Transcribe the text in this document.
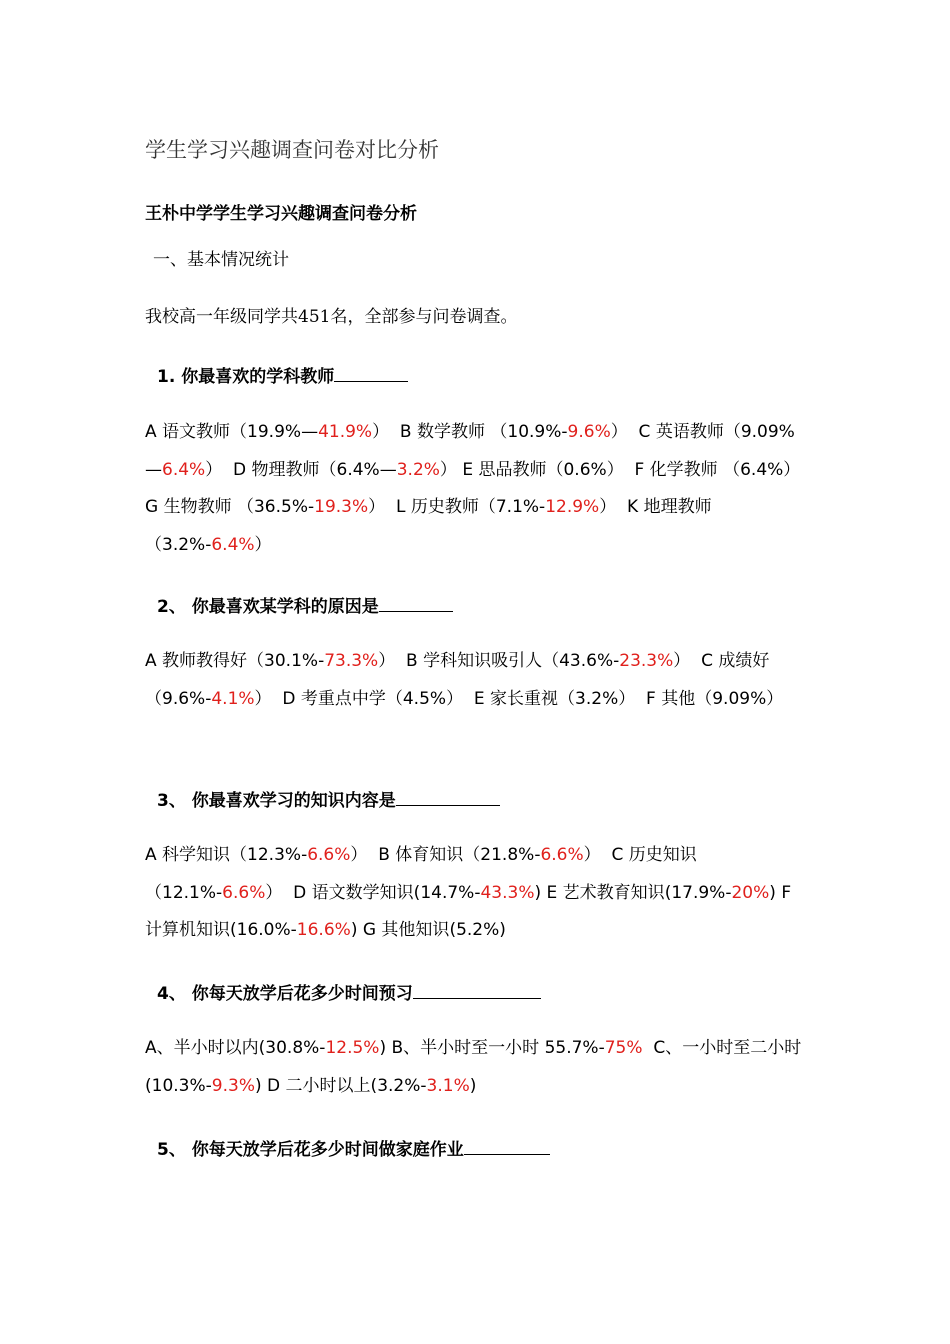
学生学习兴趣调查问卷对比分析
王朴中学学生学习兴趣调查问卷分析
一、基本情况统计
我校高一年级同学共451名，全部参与问卷调查。
1. 你最喜欢的学科教师
A 语文教师（19.9%—41.9%） B 数学教师 （10.9%-9.6%） C 英语教师（9.09%—6.4%） D 物理教师（6.4%—3.2%） E 思品教师（0.6%） F 化学教师 （6.4%）  G 生物教师 （36.5%-19.3%） L 历史教师（7.1%-12.9%） K 地理教师（3.2%-6.4%）
2、 你最喜欢某学科的原因是
A 教师教得好（30.1%-73.3%） B 学科知识吸引人（43.6%-23.3%） C 成绩好（9.6%-4.1%） D 考重点中学（4.5%） E 家长重视（3.2%） F 其他（9.09%）
3、 你最喜欢学习的知识内容是
A 科学知识（12.3%-6.6%） B 体育知识（21.8%-6.6%） C 历史知识（12.1%-6.6%） D 语文数学知识(14.7%-43.3%) E 艺术教育知识(17.9%-20%) F 计算机知识(16.0%-16.6%) G 其他知识(5.2%)
4、 你每天放学后花多少时间预习
A、半小时以内(30.8%-12.5%) B、半小时至一小时 55.7%-75% C、一小时至二小时(10.3%-9.3%) D 二小时以上(3.2%-3.1%)
5、 你每天放学后花多少时间做家庭作业
